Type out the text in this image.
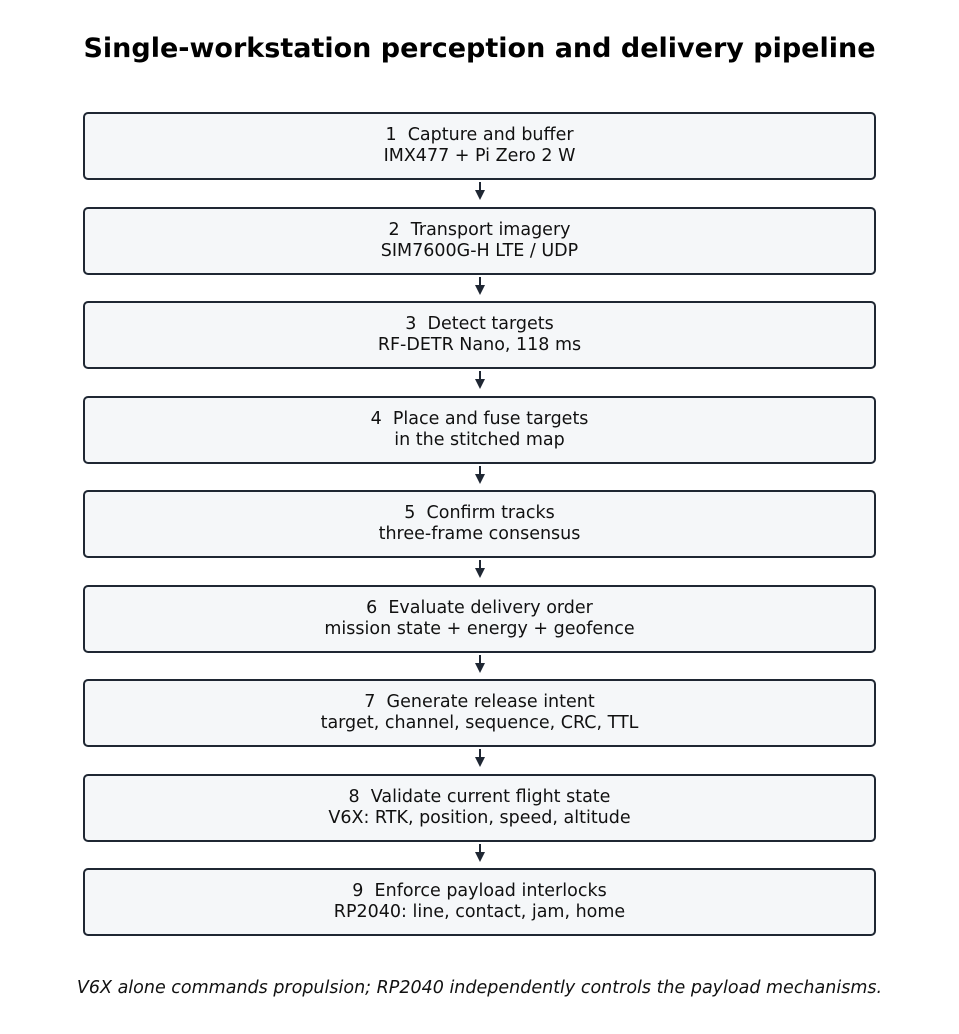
Single-workstation perception and delivery pipeline
1  Capture and buffer
IMX477 + Pi Zero 2 W
2  Transport imagery
SIM7600G-H LTE / UDP
3  Detect targets
RF-DETR Nano, 118 ms
4  Place and fuse targets
in the stitched map
5  Confirm tracks
three-frame consensus
6  Evaluate delivery order
mission state + energy + geofence
7  Generate release intent
target, channel, sequence, CRC, TTL
8  Validate current flight state
V6X: RTK, position, speed, altitude
9  Enforce payload interlocks
RP2040: line, contact, jam, home
V6X alone commands propulsion; RP2040 independently controls the payload mechanisms.
